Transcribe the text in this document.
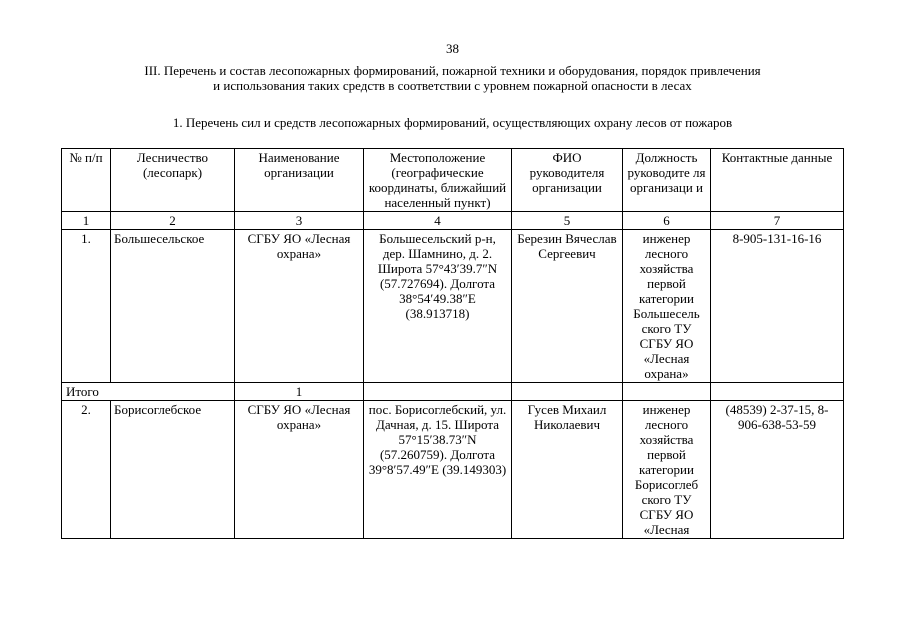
38
III. Перечень и состав лесопожарных формирований, пожарной техники и оборудования, порядок привлечения
и использования таких средств в соответствии с уровнем пожарной опасности в лесах
1. Перечень сил и средств лесопожарных формирований, осуществляющих охрану лесов от пожаров
№ п/п	Лесничество (лесопарк)	Наименование организации	Местоположение (географические координаты, ближайший населенный пункт)	ФИО руководителя организации	Должность руководите ля организаци и	Контактные данные
1	2	3	4	5	6	7
1.	Большесельское	СГБУ ЯО «Лесная охрана»	Большесельский р-н, дер. Шамнино, д. 2. Широта 57°43′39.7″N (57.727694). Долгота 38°54′49.38″E (38.913718)	Березин Вячеслав Сергеевич	инженер лесного хозяйства первой категории Большесель ского ТУ СГБУ ЯО «Лесная охрана»	8-905-131-16-16
Итого		1				
2.	Борисоглебское	СГБУ ЯО «Лесная охрана»	пос. Борисоглебский, ул. Дачная, д. 15. Широта 57°15′38.73″N (57.260759). Долгота 39°8′57.49″E (39.149303)	Гусев Михаил Николаевич	инженер лесного хозяйства первой категории Борисоглеб ского ТУ СГБУ ЯО «Лесная	(48539) 2-37-15, 8-906-638-53-59
